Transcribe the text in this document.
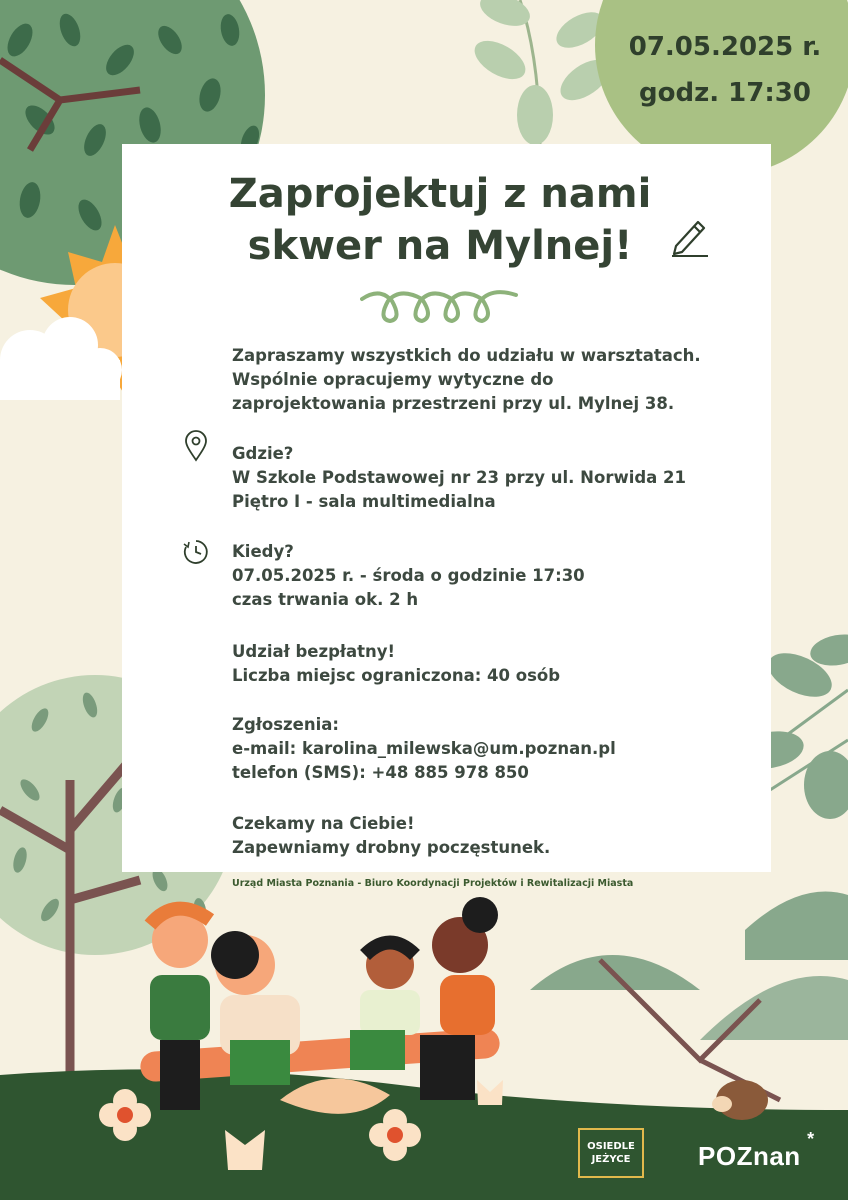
07.05.2025 r.
godz. 17:30
Zaprojektuj z nami
skwer na Mylnej!
Zapraszamy wszystkich do udziału w warsztatach.
Wspólnie opracujemy wytyczne do
zaprojektowania przestrzeni przy ul. Mylnej 38.
Gdzie?
W Szkole Podstawowej nr 23 przy ul. Norwida 21
Piętro I - sala multimedialna
Kiedy?
07.05.2025 r. - środa o godzinie 17:30
czas trwania ok. 2 h
Udział bezpłatny!
Liczba miejsc ograniczona: 40 osób
Zgłoszenia:
e-mail: karolina_milewska@um.poznan.pl
telefon (SMS): +48 885 978 850
Czekamy na Ciebie!
Zapewniamy drobny poczęstunek.
Urząd Miasta Poznania - Biuro Koordynacji Projektów i Rewitalizacji Miasta
OSIEDLE
JEŻYCE	POZnan
*
